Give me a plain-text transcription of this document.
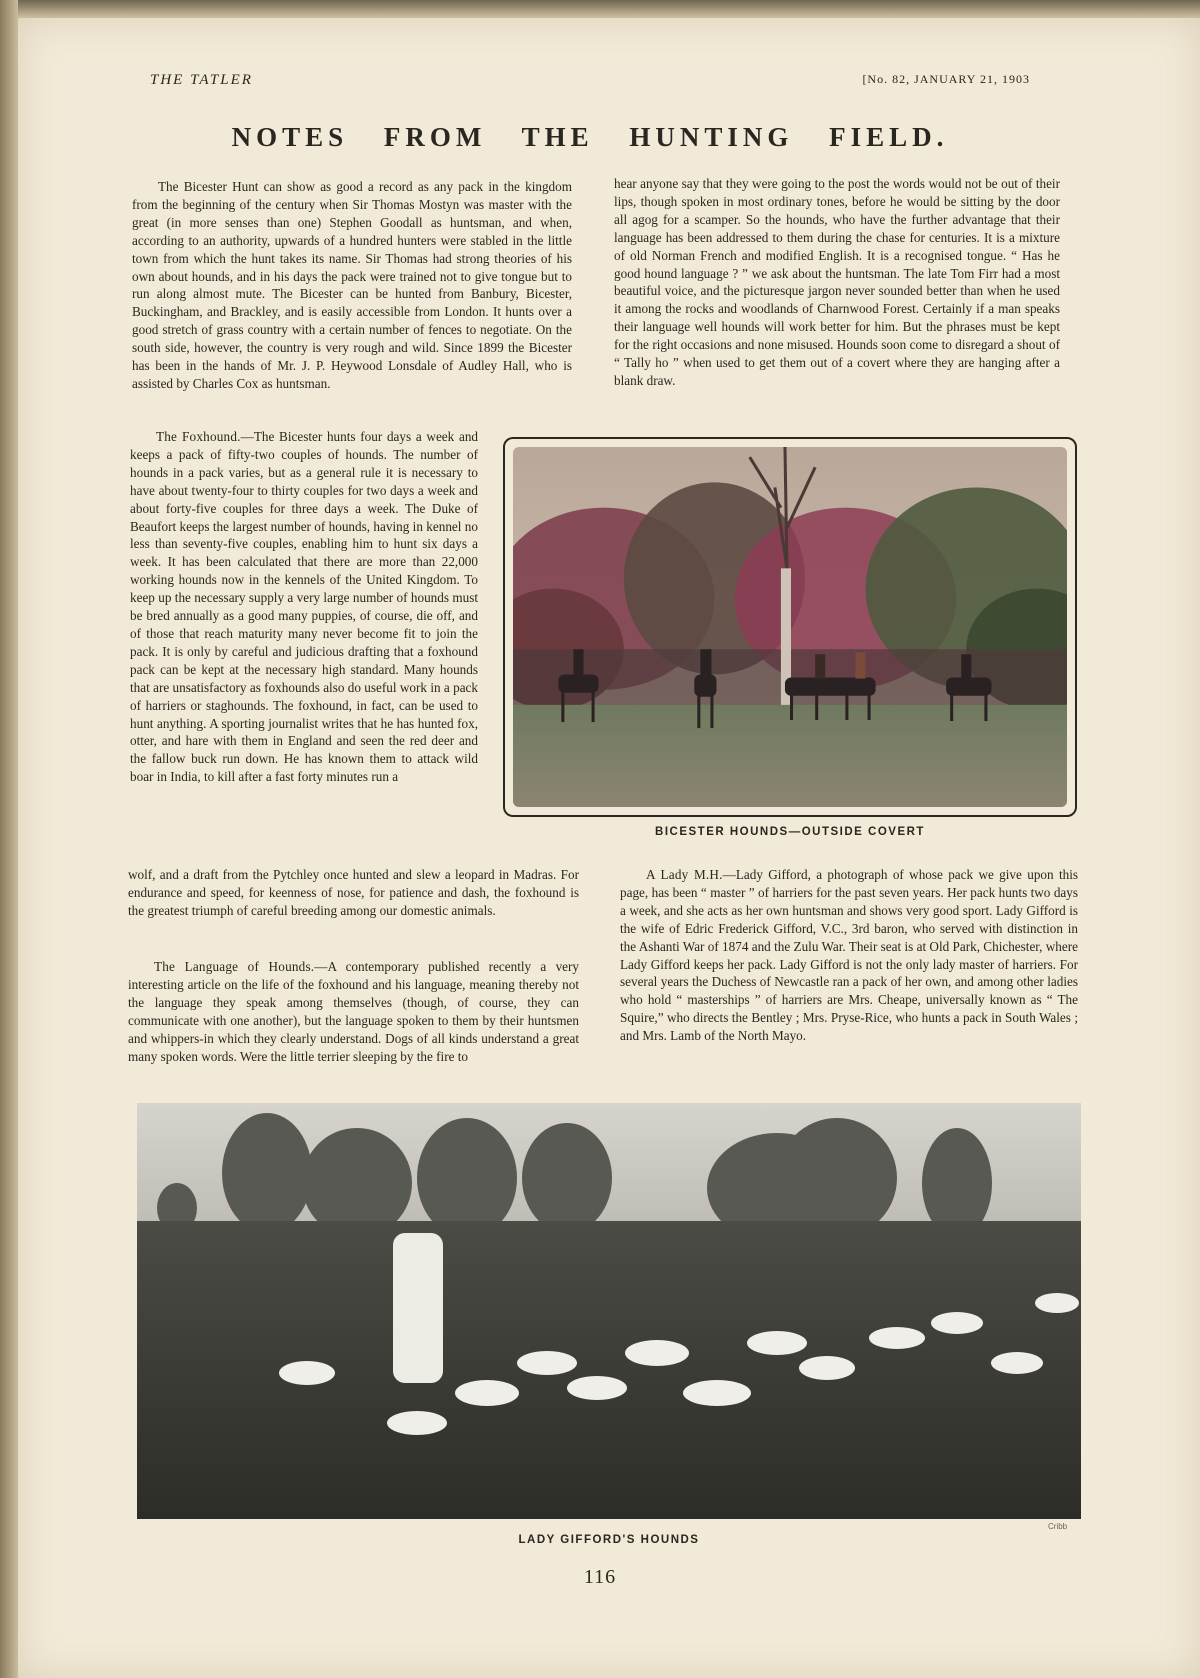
THE TATLER	[No. 82, JANUARY 21, 1903
NOTES FROM THE HUNTING FIELD.

The Bicester Hunt can show as good a record as any pack in the kingdom from the beginning of the century when Sir Thomas Mostyn was master with the great (in more senses than one) Stephen Goodall as huntsman, and when, according to an authority, upwards of a hundred hunters were stabled in the little town from which the hunt takes its name. Sir Thomas had strong theories of his own about hounds, and in his days the pack were trained not to give tongue but to run along almost mute. The Bicester can be hunted from Banbury, Bicester, Buckingham, and Brackley, and is easily accessible from London. It hunts over a good stretch of grass country with a certain number of fences to negotiate. On the south side, however, the country is very rough and wild. Since 1899 the Bicester has been in the hands of Mr. J. P. Heywood Lonsdale of Audley Hall, who is assisted by Charles Cox as huntsman.

hear anyone say that they were going to the post the words would not be out of their lips, though spoken in most ordinary tones, before he would be sitting by the door all agog for a scamper. So the hounds, who have the further advantage that their language has been addressed to them during the chase for centuries. It is a mixture of old Norman French and modified English. It is a recognised tongue. “ Has he good hound language ? ” we ask about the huntsman. The late Tom Firr had a most beautiful voice, and the picturesque jargon never sounded better than when he used it among the rocks and woodlands of Charnwood Forest. Certainly if a man speaks their language well hounds will work better for him. But the phrases must be kept for the right occasions and none misused. Hounds soon come to disregard a shout of “ Tally ho ” when used to get them out of a covert where they are hanging after a blank draw.

The Foxhound.—The Bicester hunts four days a week and keeps a pack of fifty-two couples of hounds. The number of hounds in a pack varies, but as a general rule it is necessary to have about twenty-four to thirty couples for two days a week and about forty-five couples for three days a week. The Duke of Beaufort keeps the largest number of hounds, having in kennel no less than seventy-five couples, enabling him to hunt six days a week. It has been calculated that there are more than 22,000 working hounds now in the kennels of the United Kingdom. To keep up the necessary supply a very large number of hounds must be bred annually as a good many puppies, of course, die off, and of those that reach maturity many never become fit to join the pack. It is only by careful and judicious drafting that a foxhound pack can be kept at the necessary high standard. Many hounds that are unsatisfactory as foxhounds also do useful work in a pack of harriers or staghounds. The foxhound, in fact, can be used to hunt anything. A sporting journalist writes that he has hunted fox, otter, and hare with them in England and seen the red deer and the fallow buck run down. He has known them to attack wild boar in India, to kill after a fast forty minutes run a

wolf, and a draft from the Pytchley once hunted and slew a leopard in Madras. For endurance and speed, for keenness of nose, for patience and dash, the foxhound is the greatest triumph of careful breeding among our domestic animals.

The Language of Hounds.—A contemporary published recently a very interesting article on the life of the foxhound and his language, meaning thereby not the language they speak among themselves (though, of course, they can communicate with one another), but the language spoken to them by their huntsmen and whippers-in which they clearly understand. Dogs of all kinds understand a great many spoken words. Were the little terrier sleeping by the fire to

A Lady M.H.—Lady Gifford, a photograph of whose pack we give upon this page, has been “ master ” of harriers for the past seven years. Her pack hunts two days a week, and she acts as her own huntsman and shows very good sport. Lady Gifford is the wife of Edric Frederick Gifford, V.C., 3rd baron, who served with distinction in the Ashanti War of 1874 and the Zulu War. Their seat is at Old Park, Chichester, where Lady Gifford keeps her pack. Lady Gifford is not the only lady master of harriers. For several years the Duchess of Newcastle ran a pack of her own, and among other ladies who hold “ masterships ” of harriers are Mrs. Cheape, universally known as “ The Squire,” who directs the Bentley ; Mrs. Pryse-Rice, who hunts a pack in South Wales ; and Mrs. Lamb of the North Mayo.

BICESTER HOUNDS—OUTSIDE COVERT
Cribb
LADY GIFFORD'S HOUNDS
116
